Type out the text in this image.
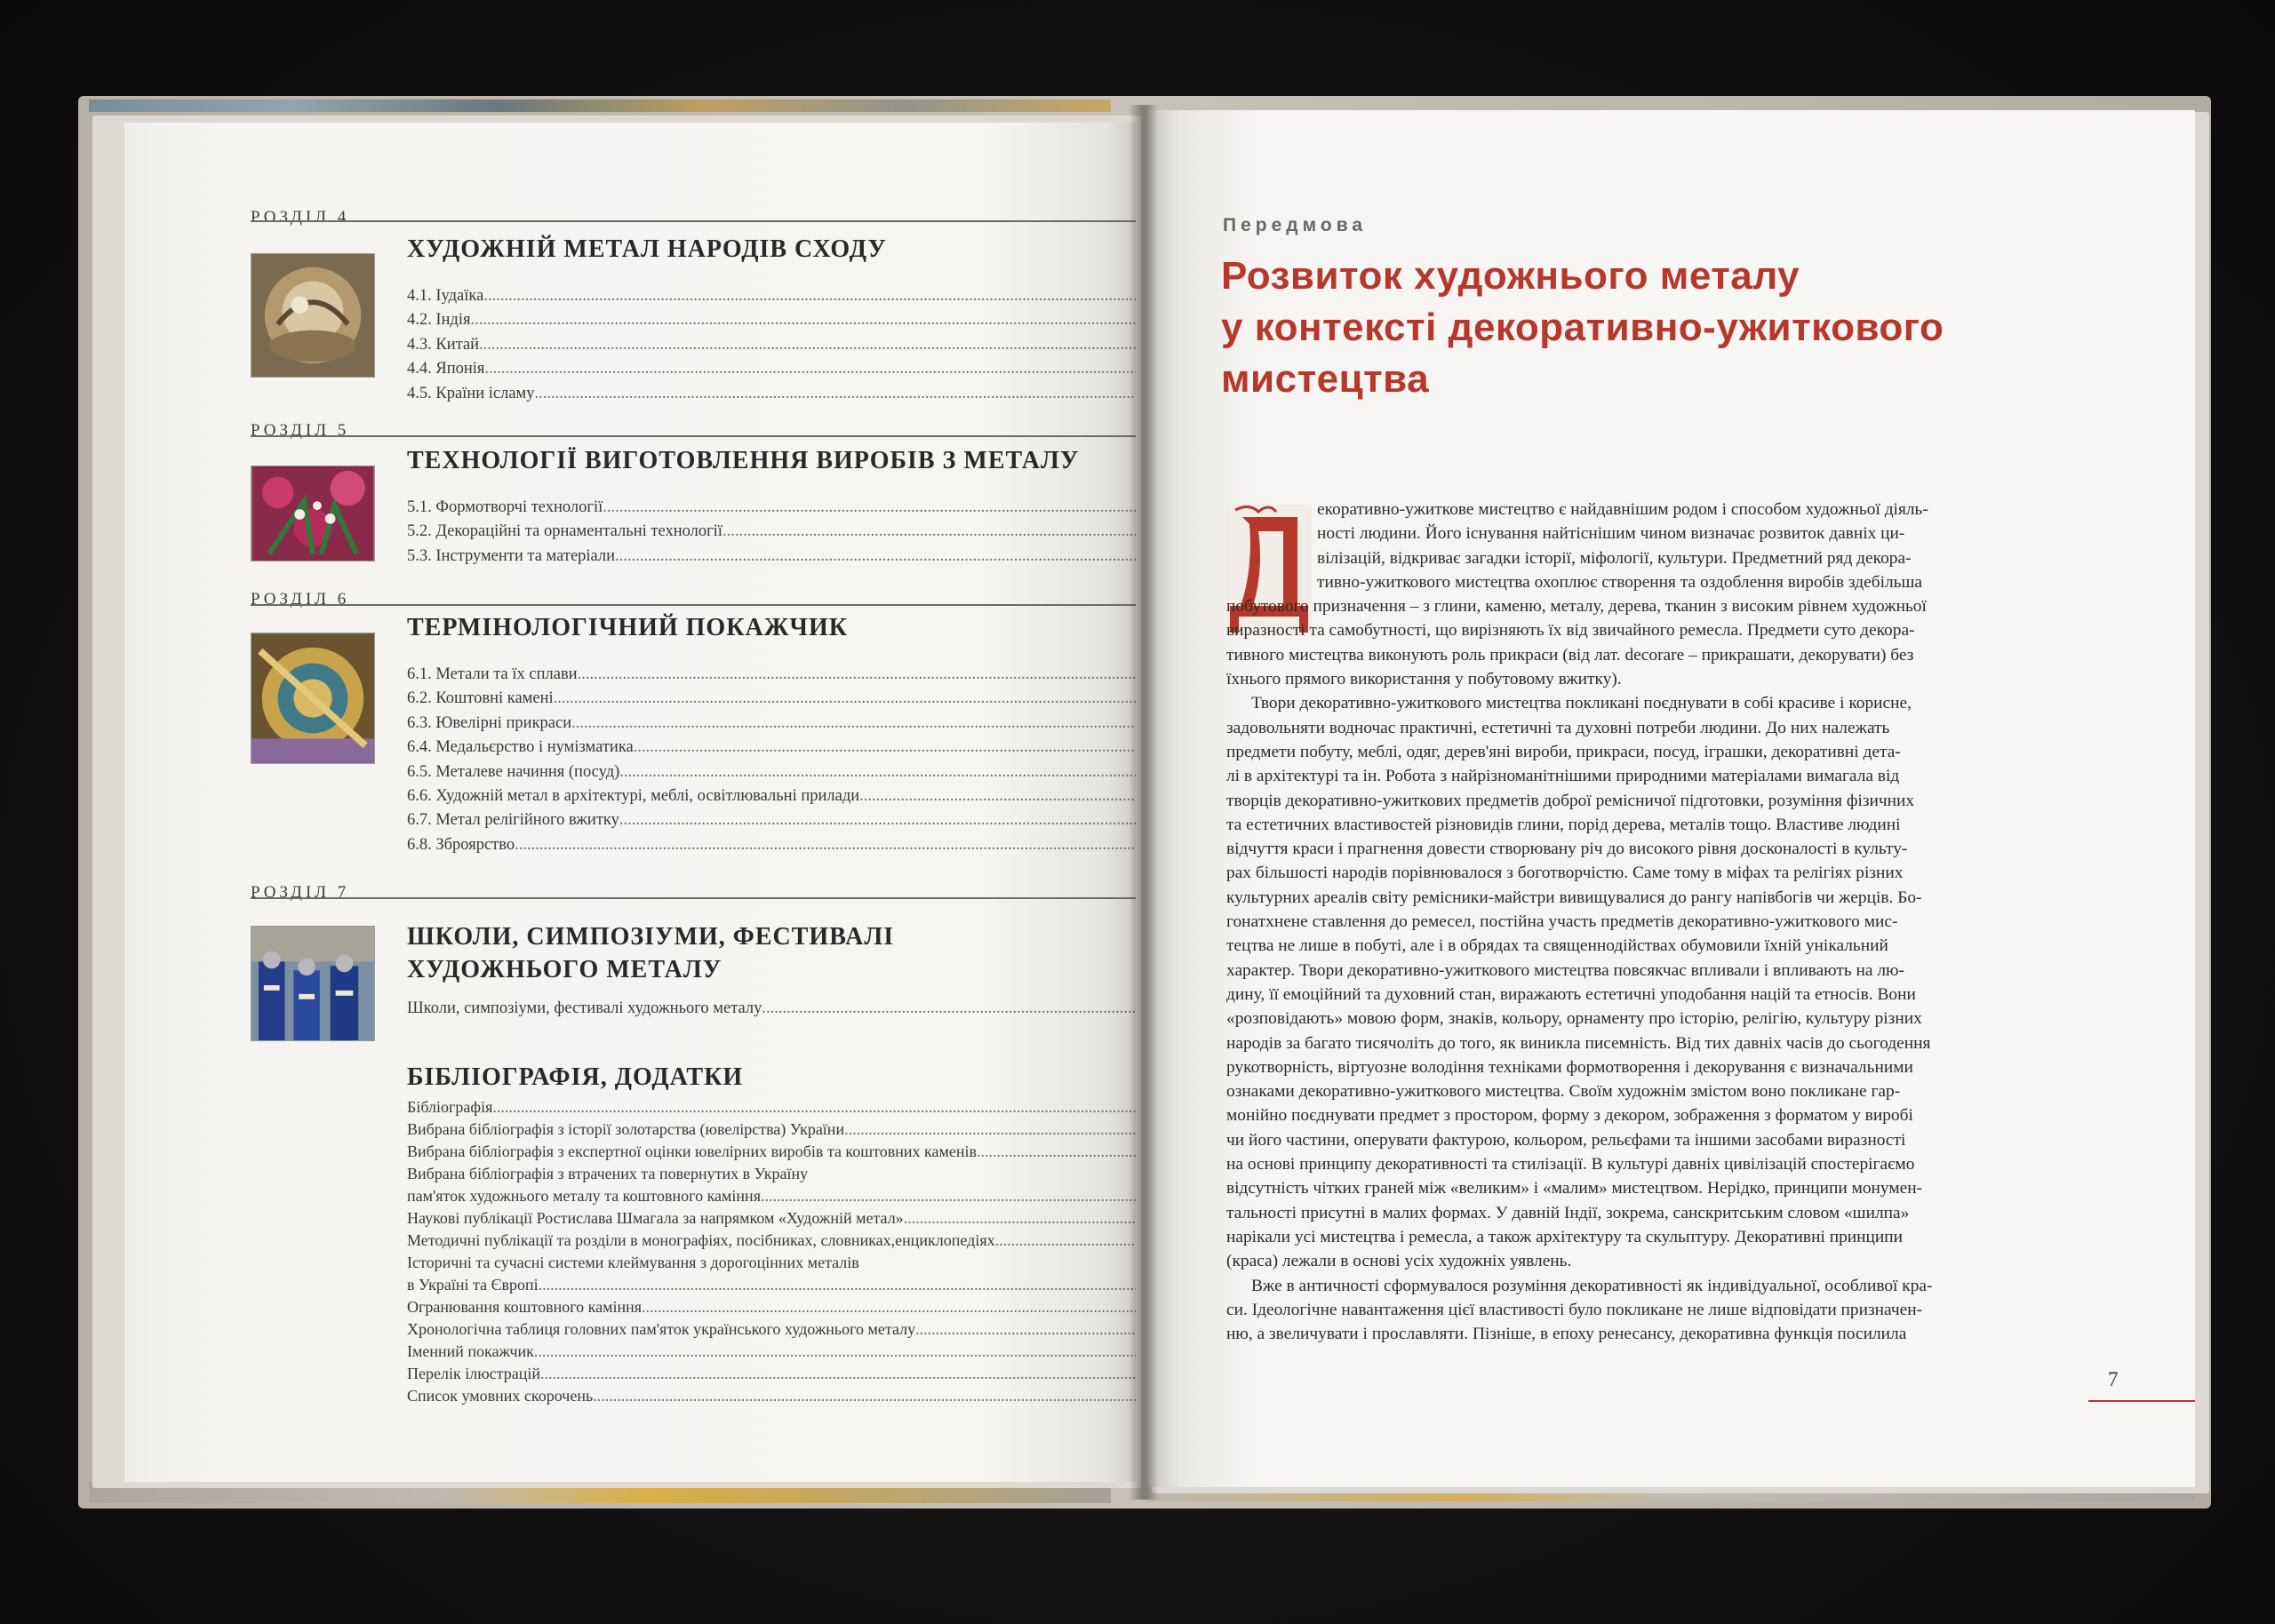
РОЗДІЛ 4
ХУДОЖНІЙ МЕТАЛ НАРОДІВ СХОДУ
4.1. Іудаїка
.....
4.2. Індія
.....
4.3. Китай
.....
4.4. Японія
.....
4.5. Країни ісламу
.....
РОЗДІЛ 5
ТЕХНОЛОГІЇ ВИГОТОВЛЕННЯ ВИРОБІВ З МЕТАЛУ
5.1. Формотворчі технології
.....
5.2. Декораційні та орнаментальні технології
.....
5.3. Інструменти та матеріали
.....
РОЗДІЛ 6
ТЕРМІНОЛОГІЧНИЙ ПОКАЖЧИК
6.1. Метали та їх сплави
.....
6.2. Коштовні камені
.....
6.3. Ювелірні прикраси
.....
6.4. Медальєрство і нумізматика
.....
6.5. Металеве начиння (посуд)
.....
6.6. Художній метал в архітектурі, меблі, освітлювальні прилади
.....
6.7. Метал релігійного вжитку
.....
6.8. Зброярство
.....
РОЗДІЛ 7
ШКОЛИ, СИМПОЗІУМИ, ФЕСТИВАЛІ
ХУДОЖНЬОГО МЕТАЛУ
Школи, симпозіуми, фестивалі художнього металу
.....
БІБЛІОГРАФІЯ, ДОДАТКИ
Бібліографія
.....
Вибрана бібліографія з історії золотарства (ювелірства) України
.....
Вибрана бібліографія з експертної оцінки ювелірних виробів та коштовних каменів
.....
Вибрана бібліографія з втрачених та повернутих в Україну
пам'яток художнього металу та коштовного каміння
.....
Наукові публікації Ростислава Шмагала за напрямком «Художній метал»
.....
Методичні публікації та розділи в монографіях, посібниках, словниках,енциклопедіях
.....
Історичні та сучасні системи клеймування з дорогоцінних металів
в Україні та Європі
.....
Огранювання коштовного каміння
.....
Хронологічна таблиця головних пам'яток українського художнього металу
.....
Іменний покажчик
.....
Перелік ілюстрацій
.....
Список умовних скорочень
.....
Передмова
Розвиток художнього металу
у контексті декоративно-ужиткового
мистецтва
екоративно-ужиткове мистецтво є найдавнішим родом і способом художньої діяль-
ності людини. Його існування найтіснішим чином визначає розвиток давніх ци-
вілізацій, відкриває загадки історії, міфології, культури. Предметний ряд декора-
тивно-ужиткового мистецтва охоплює створення та оздоблення виробів здебільша
побутового призначення – з глини, каменю, металу, дерева, тканин з високим рівнем художньої
виразності та самобутності, що вирізняють їх від звичайного ремесла. Предмети суто декора-
тивного мистецтва виконують роль прикраси (від лат. decorare – прикрашати, декорувати) без
їхнього прямого використання у побутовому вжитку).
Твори декоративно-ужиткового мистецтва покликані поєднувати в собі красиве і корисне,
задовольняти водночас практичні, естетичні та духовні потреби людини. До них належать
предмети побуту, меблі, одяг, дерев'яні вироби, прикраси, посуд, іграшки, декоративні дета-
лі в архітектурі та ін. Робота з найрізноманітнішими природними матеріалами вимагала від
творців декоративно-ужиткових предметів доброї ремісничої підготовки, розуміння фізичних
та естетичних властивостей різновидів глини, порід дерева, металів тощо. Властиве людині
відчуття краси і прагнення довести створювану річ до високого рівня досконалості в культу-
рах більшості народів порівнювалося з боготворчістю. Саме тому в міфах та релігіях різних
культурних ареалів світу ремісники-майстри вивищувалися до рангу напівбогів чи жерців. Бо-
гонатхнене ставлення до ремесел, постійна участь предметів декоративно-ужиткового мис-
тецтва не лише в побуті, але і в обрядах та священнодійствах обумовили їхній унікальний
характер. Твори декоративно-ужиткового мистецтва повсякчас впливали і впливають на лю-
дину, її емоційний та духовний стан, виражають естетичні уподобання націй та етносів. Вони
«розповідають» мовою форм, знаків, кольору, орнаменту про історію, релігію, культуру різних
народів за багато тисячоліть до того, як виникла писемність. Від тих давніх часів до сьогодення
рукотворність, віртуозне володіння техніками формотворення і декорування є визначальними
ознаками декоративно-ужиткового мистецтва. Своїм художнім змістом воно покликане гар-
монійно поєднувати предмет з простором, форму з декором, зображення з форматом у виробі
чи його частини, оперувати фактурою, кольором, рельєфами та іншими засобами виразності
на основі принципу декоративності та стилізації. В культурі давніх цивілізацій спостерігаємо
відсутність чітких граней між «великим» і «малим» мистецтвом. Нерідко, принципи монумен-
тальності присутні в малих формах. У давній Індії, зокрема, санскритським словом «шилпа»
нарікали усі мистецтва і ремесла, а також архітектуру та скульптуру. Декоративні принципи
(краса) лежали в основі усіх художніх уявлень.
Вже в античності сформувалося розуміння декоративності як індивідуальної, особливої кра-
си. Ідеологічне навантаження цієї властивості було покликане не лише відповідати призначен-
ню, а звеличувати і прославляти. Пізніше, в епоху ренесансу, декоративна функція посилила
7
